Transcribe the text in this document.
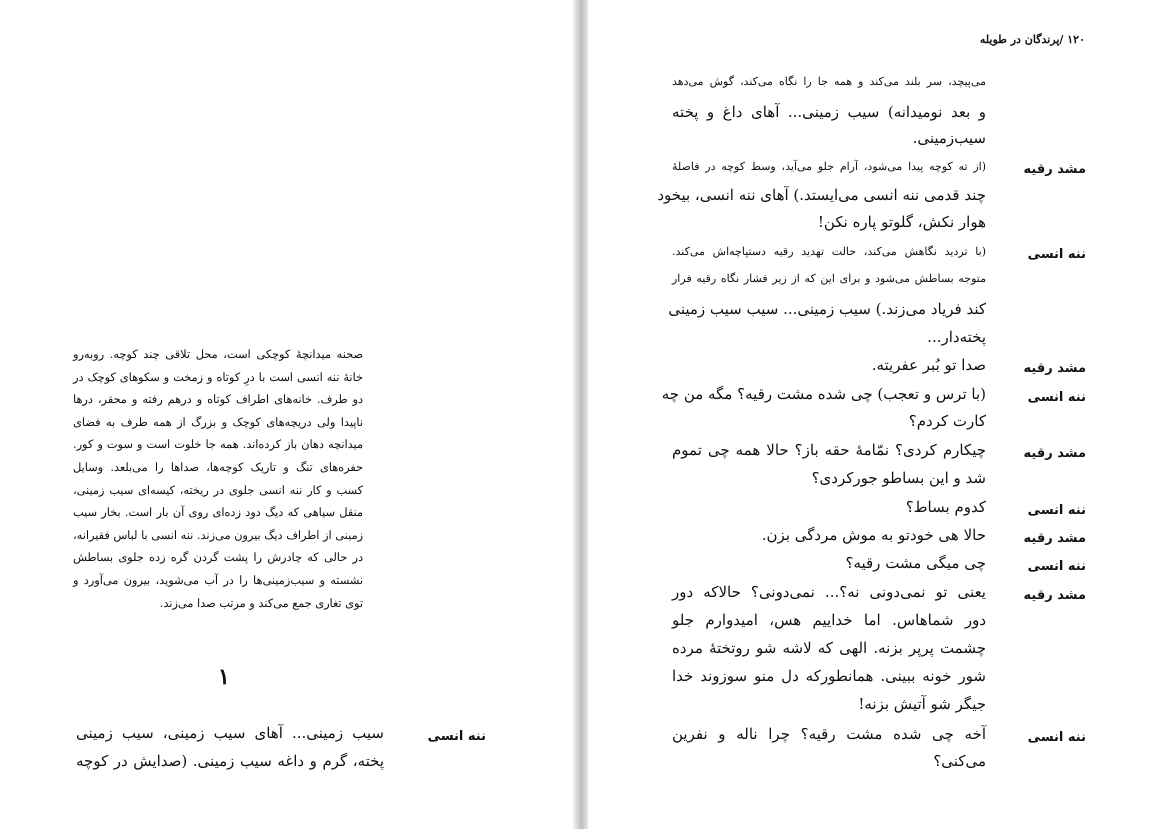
صحنه میدانچهٔ کوچکی است، محل تلاقی چند کوچه. روبه‌رو خانهٔ ننه انسی است با درِ کوتاه و زمخت و سکوهای کوچک در دو طرف. خانه‌های اطراف کوتاه و درهم رفته و محقر، درها ناپیدا ولی دریچه‌های کوچک و بزرگ از همه طرف به فضای میدانچه دهان باز کرده‌اند. همه جا خلوت است و سوت و کور. حفره‌های تنگ و تاریک کوچه‌ها، صداها را می‌بلعد. وسایل کسب و کار ننه انسی جلوی در ریخته، کیسه‌ای سیب زمینی، منقل سیاهی که دیگ دود زده‌ای روی آن بار است. بخار سیب زمینی از اطراف دیگ بیرون می‌زند. ننه انسی با لباس فقیرانه، در حالی که چادرش را پشت گردن گره زده جلوی بساطش نشسته و سیب‌زمینی‌ها را در آب می‌شوید، بیرون می‌آورد و توی تغاری جمع می‌کند و مرتب صدا می‌زند.

۱
ننه انسی
سیب زمینی... آهای سیب زمینی، سیب زمینی
پخته، گرم و داغه سیب زمینی. (صدایش در کوچه
۱۲۰ /پرندگان در طویله
می‌پیچد، سر بلند می‌کند و همه جا را نگاه می‌کند، گوش می‌دهد
و بعد نومیدانه) سیب زمینی... آهای داغ و پخته
سیب‌زمینی.
مشد رقیه
(از ته کوچه پیدا می‌شود، آرام جلو می‌آید، وسط کوچه در فاصلهٔ
چند قدمی ننه انسی می‌ایستد.) آهای ننه انسی، بیخود
هوار نکش، گلوتو پاره نکن!
ننه انسی
(با تردید نگاهش می‌کند، حالت تهدید رقیه دستپاچه‌اش می‌کند.
متوجه بساطش می‌شود و برای این که از زیر فشار نگاه رقیه فرار
کند فریاد می‌زند.) سیب زمینی... سیب سیب زمینی
پخته‌دار...
مشد رقیه
صدا تو بُبر عفریته.
ننه انسی
(با ترس و تعجب) چی شده مشت رقیه؟ مگه من چه
کارت کردم؟
مشد رقیه
چیکارم کردی؟ نمّامهٔ حقه باز؟ حالا همه چی تموم
شد و این بساطو جورکردی؟
ننه انسی
کدوم بساط؟
مشد رقیه
حالا هی خودتو به موش مردگی بزن.
ننه انسی
چی میگی مشت رقیه؟
مشد رقیه
یعنی تو نمی‌دونی نه؟... نمی‌دونی؟ حالاکه دور
دور شماهاس. اما خداییم هس، امیدوارم جلو
چشمت پرپر بزنه. الهی که لاشه شو روتختهٔ مرده
شور خونه ببینی. همانطورکه دل منو سوزوند خدا
جیگر شو آتیش بزنه!
ننه انسی
آخه چی شده مشت رقیه؟ چرا ناله و نفرین
می‌کنی؟
